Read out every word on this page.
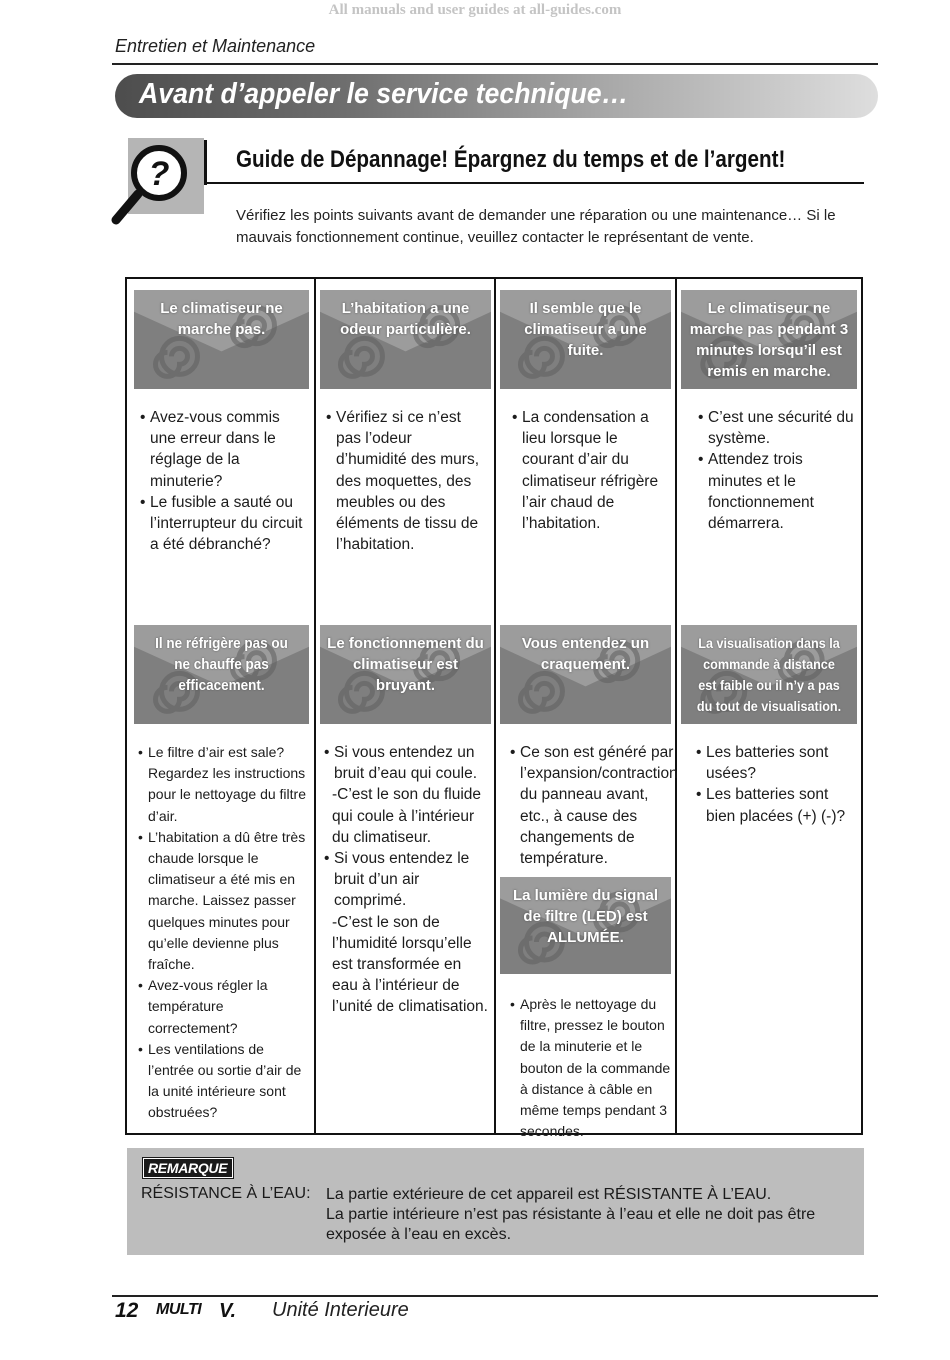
All manuals and user guides at all-guides.com
Entretien et Maintenance
Avant d’appeler le service technique…
?	Guide de Dépannage! Épargnez du temps et de l’argent!
Vérifiez les points suivants avant de demander une réparation ou une maintenance… Si le mauvais fonctionnement continue, veuillez contacter le représentant de vente.
Le climatiseur ne marche pas.
• Avez-vous commis une erreur dans le réglage de la minuterie?
• Le fusible a sauté ou l’interrupteur du circuit a été débranché?
L’habitation a une odeur particulière.
• Vérifiez si ce n’est pas l’odeur d’humidité des murs, des moquettes, des meubles ou des éléments de tissu de l’habitation.
Il semble que le climatiseur a une fuite.
• La condensation a lieu lorsque le courant d’air du climatiseur réfrigère l’air chaud de l’habitation.
Le climatiseur ne marche pas pendant 3 minutes lorsqu’il est remis en marche.
• C’est une sécurité du système.
• Attendez trois minutes et le fonctionnement démarrera.
Il ne réfrigère pas ou ne chauffe pas efficacement.
• Le filtre d’air est sale? Regardez les instructions pour le nettoyage du filtre d’air.
• L’habitation a dû être très chaude lorsque le climatiseur a été mis en marche. Laissez passer quelques minutes pour qu’elle devienne plus fraîche.
• Avez-vous régler la température correctement?
• Les ventilations de l’entrée ou sortie d’air de la unité intérieure sont obstruées?
Le fonctionnement du climatiseur est bruyant.
• Si vous entendez un bruit d’eau qui coule.
-C’est le son du fluide qui coule à l’intérieur du climatiseur.
• Si vous entendez le bruit d’un air comprimé.
-C’est le son de l’humidité lorsqu’elle est transformée en eau à l’intérieur de l’unité de climatisation.
Vous entendez un craquement.
• Ce son est généré par l’expansion/contraction du panneau avant, etc., à cause des changements de température.
La visualisation dans la commande à distance est faible ou il n’y a pas du tout de visualisation.
• Les batteries sont usées?
• Les batteries sont bien placées (+) (-)?
La lumière du signal de filtre (LED) est ALLUMÉE.
• Après le nettoyage du filtre, pressez le bouton de la minuterie et le bouton de la commande à distance à câble en même temps pendant 3 secondes.
REMARQUE
RÉSISTANCE À L’EAU: La partie extérieure de cet appareil est RÉSISTANTE À L’EAU.
La partie intérieure n’est pas résistante à l’eau et elle ne doit pas être exposée à l’eau en excès.
12 MULTI V. Unité Interieure
